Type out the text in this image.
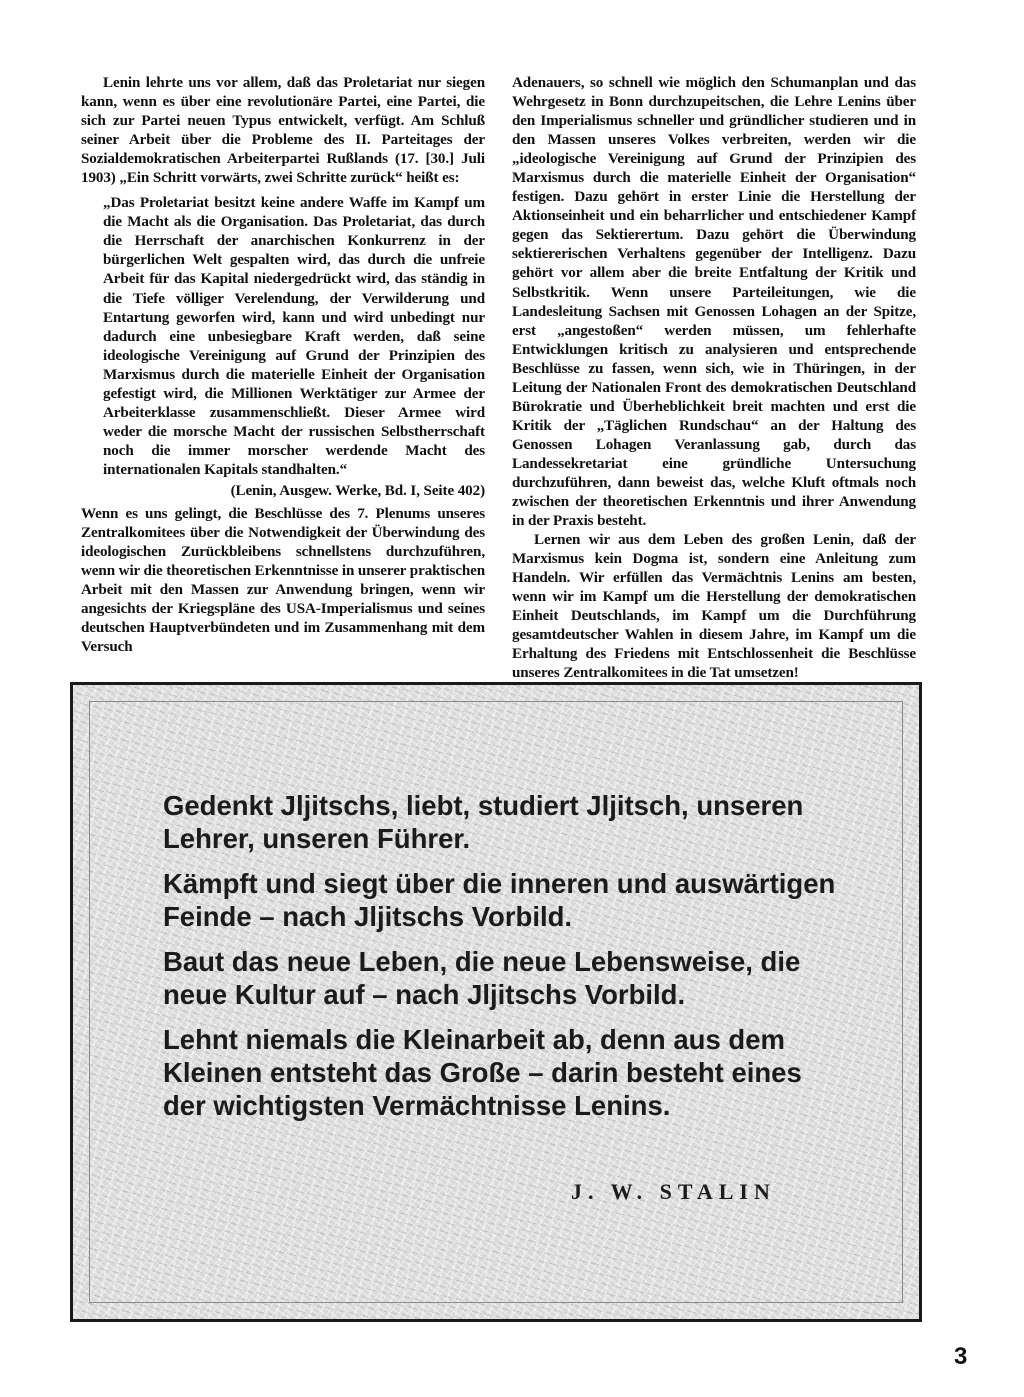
Lenin lehrte uns vor allem, daß das Proletariat nur siegen kann, wenn es über eine revolutionäre Partei, eine Partei, die sich zur Partei neuen Typus entwickelt, verfügt. Am Schluß seiner Arbeit über die Probleme des II. Parteitages der Sozialdemokratischen Arbeiterpartei Rußlands (17. [30.] Juli 1903) „Ein Schritt vorwärts, zwei Schritte zurück“ heißt es:

„Das Proletariat besitzt keine andere Waffe im Kampf um die Macht als die Organisation. Das Proletariat, das durch die Herrschaft der anarchischen Konkurrenz in der bürgerlichen Welt gespalten wird, das durch die unfreie Arbeit für das Kapital niedergedrückt wird, das ständig in die Tiefe völliger Verelendung, der Verwilderung und Entartung geworfen wird, kann und wird unbedingt nur dadurch eine unbesiegbare Kraft werden, daß seine ideologische Vereinigung auf Grund der Prinzipien des Marxismus durch die materielle Einheit der Organisation gefestigt wird, die Millionen Werktätiger zur Armee der Arbeiterklasse zusammenschließt. Dieser Armee wird weder die morsche Macht der russischen Selbstherrschaft noch die immer morscher werdende Macht des internationalen Kapitals standhalten.“

(Lenin, Ausgew. Werke, Bd. I, Seite 402)

Wenn es uns gelingt, die Beschlüsse des 7. Plenums unseres Zentralkomitees über die Notwendigkeit der Überwindung des ideologischen Zurückbleibens schnellstens durchzuführen, wenn wir die theoretischen Erkenntnisse in unserer praktischen Arbeit mit den Massen zur Anwendung bringen, wenn wir angesichts der Kriegspläne des USA-Imperialismus und seines deutschen Hauptverbündeten und im Zusammenhang mit dem Versuch

Adenauers, so schnell wie möglich den Schumanplan und das Wehrgesetz in Bonn durchzupeitschen, die Lehre Lenins über den Imperialismus schneller und gründlicher studieren und in den Massen unseres Volkes verbreiten, werden wir die „ideologische Vereinigung auf Grund der Prinzipien des Marxismus durch die materielle Einheit der Organisation“ festigen. Dazu gehört in erster Linie die Herstellung der Aktionseinheit und ein beharrlicher und entschiedener Kampf gegen das Sektierertum. Dazu gehört die Überwindung sektiererischen Verhaltens gegenüber der Intelligenz. Dazu gehört vor allem aber die breite Entfaltung der Kritik und Selbstkritik. Wenn unsere Parteileitungen, wie die Landesleitung Sachsen mit Genossen Lohagen an der Spitze, erst „angestoßen“ werden müssen, um fehlerhafte Entwicklungen kritisch zu analysieren und entsprechende Beschlüsse zu fassen, wenn sich, wie in Thüringen, in der Leitung der Nationalen Front des demokratischen Deutschland Bürokratie und Überheblichkeit breit machten und erst die Kritik der „Täglichen Rundschau“ an der Haltung des Genossen Lohagen Veranlassung gab, durch das Landessekretariat eine gründliche Untersuchung durchzuführen, dann beweist das, welche Kluft oftmals noch zwischen der theoretischen Erkenntnis und ihrer Anwendung in der Praxis besteht.

Lernen wir aus dem Leben des großen Lenin, daß der Marxismus kein Dogma ist, sondern eine Anleitung zum Handeln. Wir erfüllen das Vermächtnis Lenins am besten, wenn wir im Kampf um die Herstellung der demokratischen Einheit Deutschlands, im Kampf um die Durchführung gesamtdeutscher Wahlen in diesem Jahre, im Kampf um die Erhaltung des Friedens mit Entschlossenheit die Beschlüsse unseres Zentralkomitees in die Tat umsetzen!

Gedenkt Jljitschs, liebt, studiert Jljitsch, unseren Lehrer, unseren Führer.

Kämpft und siegt über die inneren und auswärtigen Feinde – nach Jljitschs Vorbild.

Baut das neue Leben, die neue Lebensweise, die neue Kultur auf – nach Jljitschs Vorbild.

Lehnt niemals die Kleinarbeit ab, denn aus dem Kleinen entsteht das Große – darin besteht eines der wichtigsten Vermächtnisse Lenins.

J. W. STALIN
3
